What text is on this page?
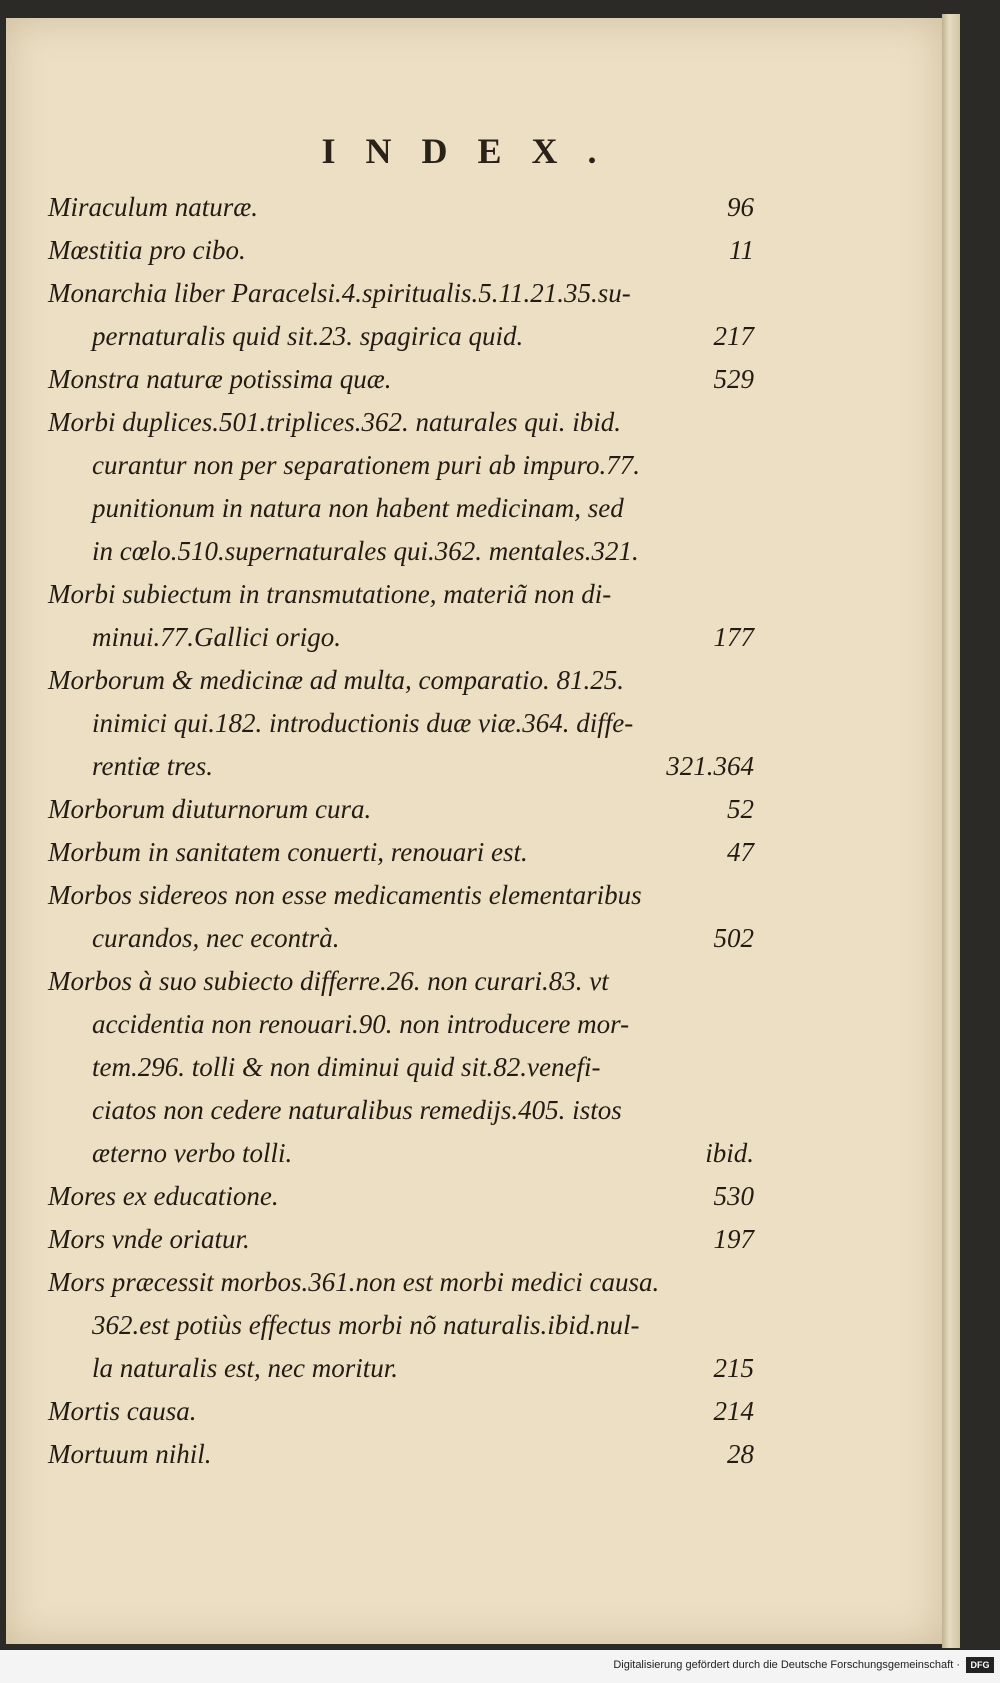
INDEX.
Miraculum naturæ.	96
Mœstitia pro cibo.	11
Monarchia liber Paracelsi.4.spiritualis.5.11.21.35.su-
pernaturalis quid sit.23. spagirica quid.	217
Monstra naturæ potissima quæ.	529
Morbi duplices.501.triplices.362. naturales qui. ibid.
curantur non per separationem puri ab impuro.77.
punitionum in natura non habent medicinam, sed
in cœlo.510.supernaturales qui.362. mentales.321.
Morbi subiectum in transmutatione, materiã non di-
minui.77.Gallici origo.	177
Morborum & medicinæ ad multa, comparatio. 81.25.
inimici qui.182. introductionis duæ viæ.364. diffe-
rentiæ tres.	321.364
Morborum diuturnorum cura.	52
Morbum in sanitatem conuerti, renouari est.	47
Morbos sidereos non esse medicamentis elementaribus
curandos, nec econtrà.	502
Morbos à suo subiecto differre.26. non curari.83. vt
accidentia non renouari.90. non introducere mor-
tem.296. tolli & non diminui quid sit.82.venefi-
ciatos non cedere naturalibus remedijs.405. istos
æterno verbo tolli.	ibid.
Mores ex educatione.	530
Mors vnde oriatur.	197
Mors præcessit morbos.361.non est morbi medici causa.
362.est potiùs effectus morbi nõ naturalis.ibid.nul-
la naturalis est, nec moritur.	215
Mortis causa.	214
Mortuum nihil.	28
Digitalisierung gefördert durch die Deutsche Forschungsgemeinschaft ·	DFG
